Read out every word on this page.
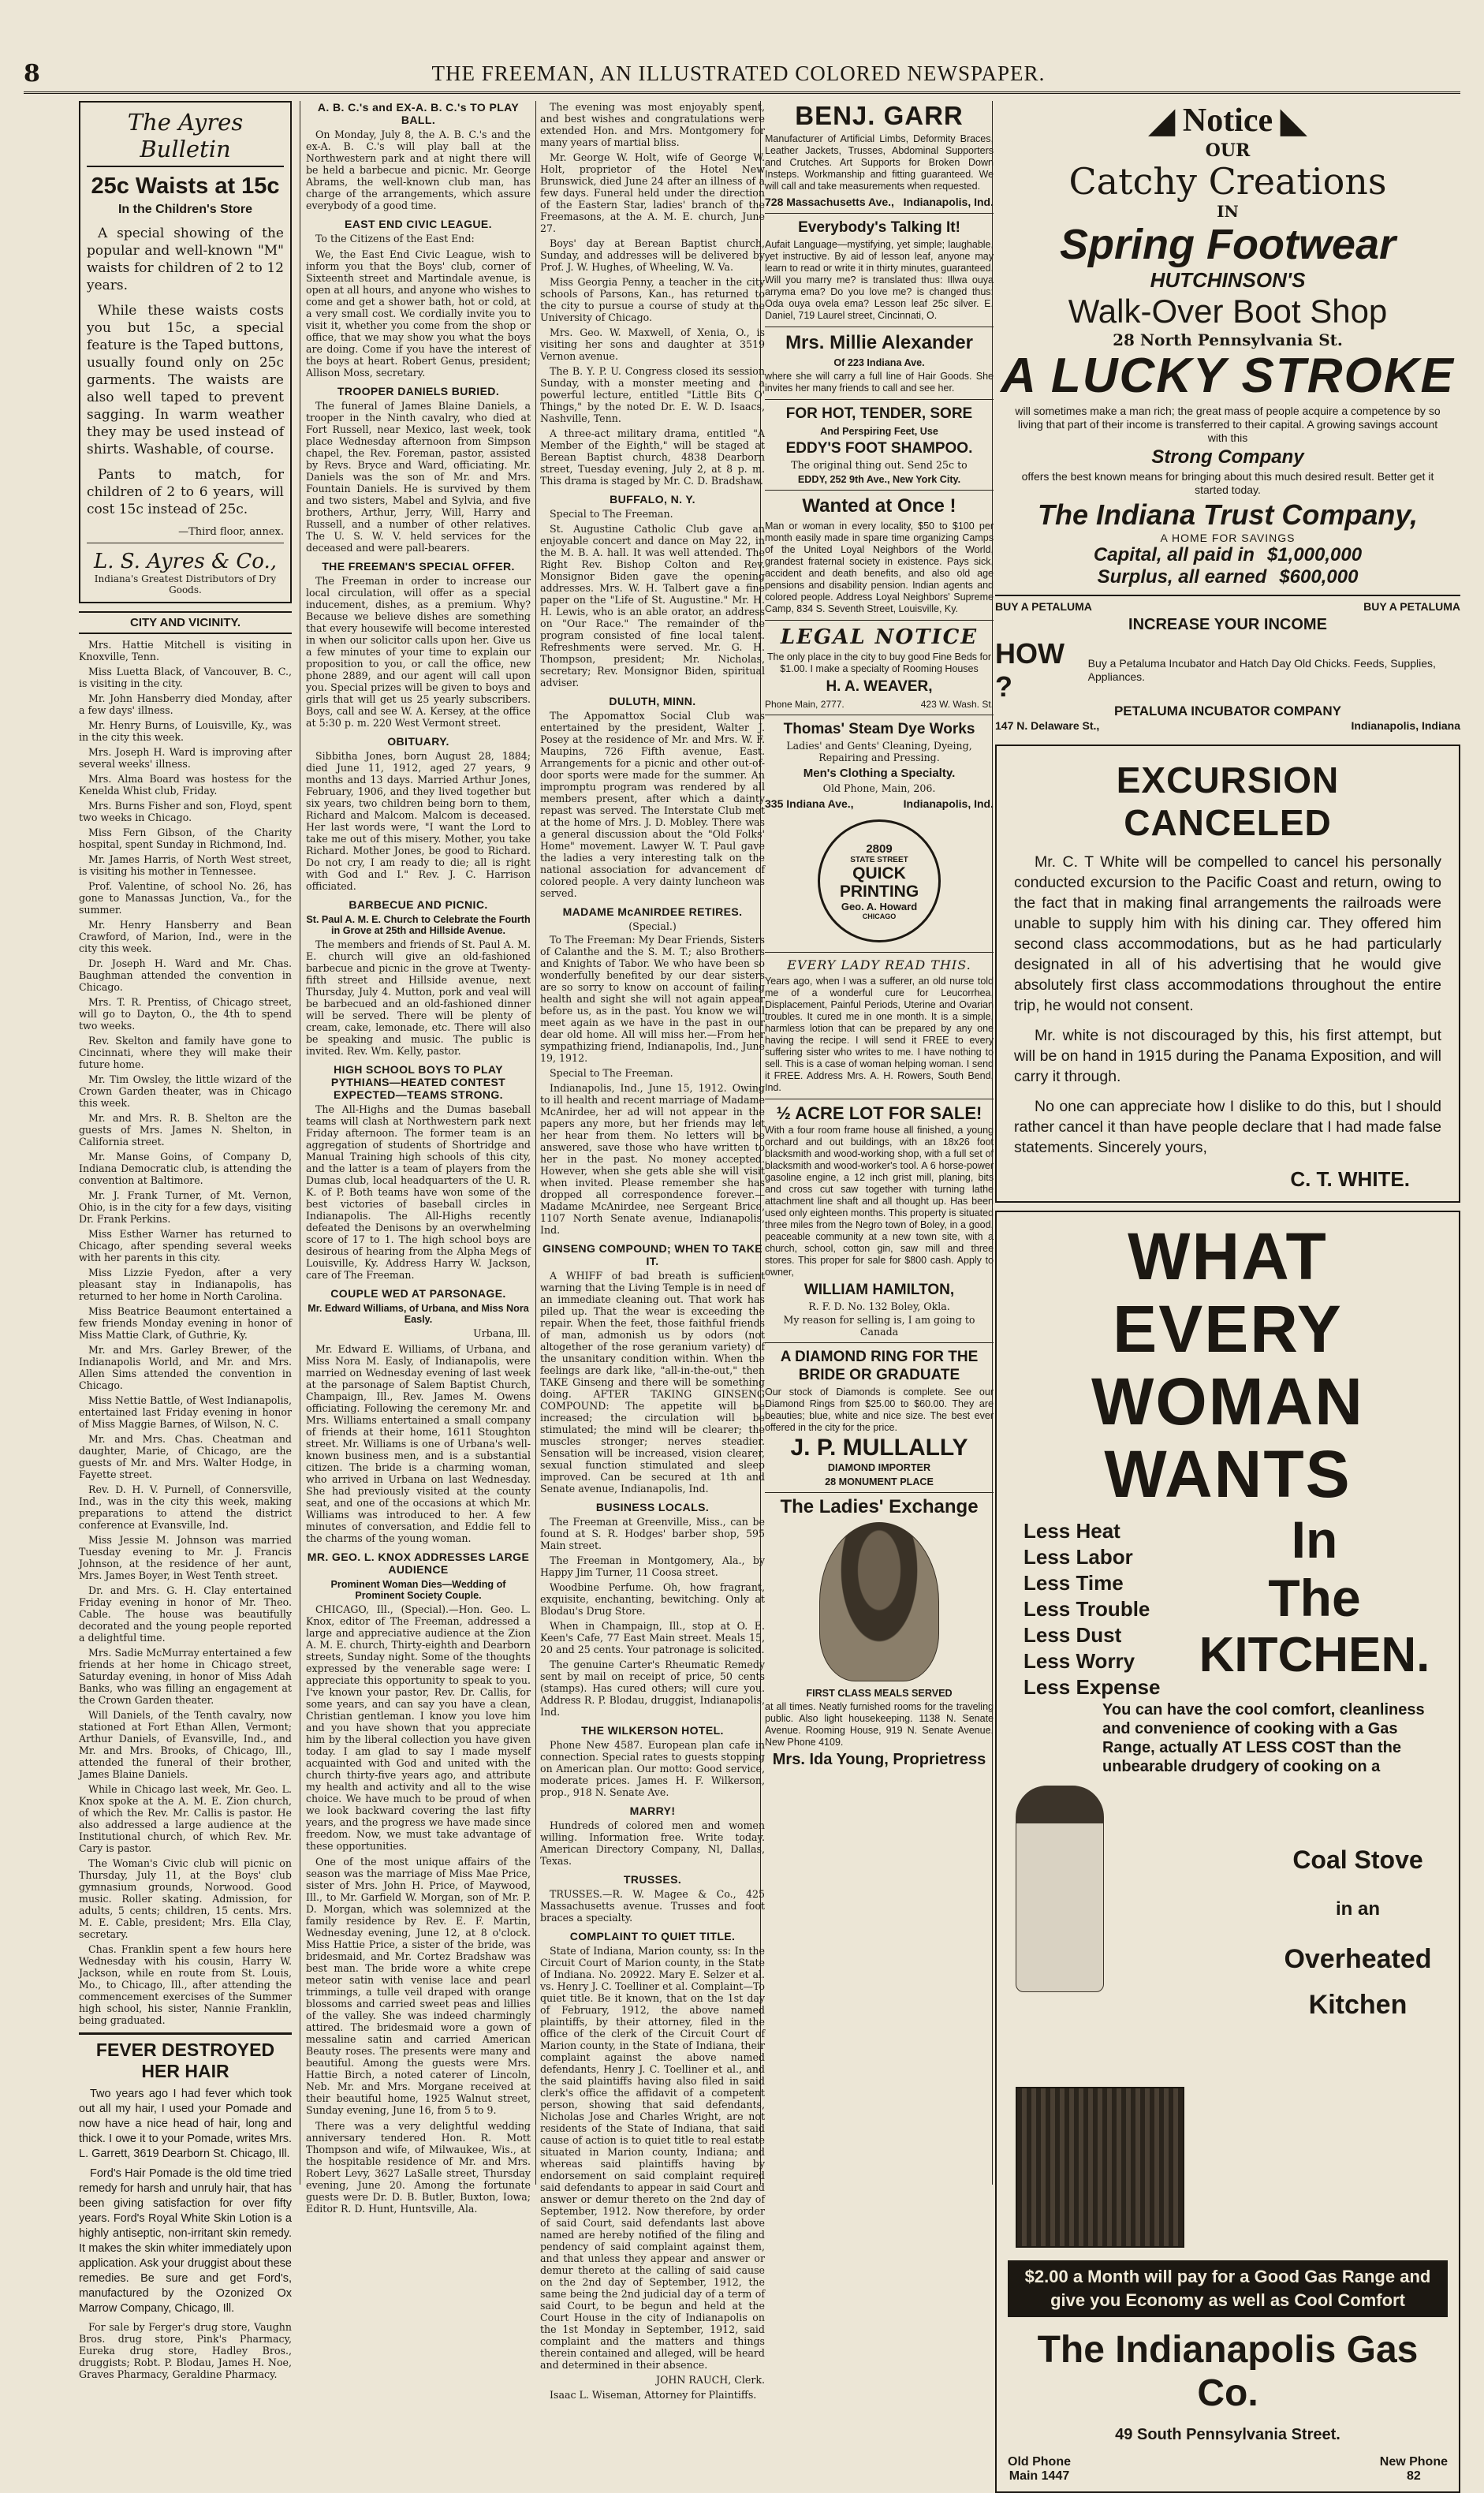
8	THE FREEMAN, AN ILLUSTRATED COLORED NEWSPAPER.
The Ayres Bulletin
25c Waists at 15c
In the Children's Store

A special showing of the popular and well-known "M" waists for children of 2 to 12 years.

While these waists costs you but 15c, a special feature is the Taped buttons, usually found only on 25c garments. The waists are also well taped to prevent sagging. In warm weather they may be used instead of shirts. Washable, of course.

Pants to match, for children of 2 to 6 years, will cost 15c instead of 25c.

—Third floor, annex.

L. S. Ayres & Co.,
Indiana's Greatest Distributors of Dry Goods.
CITY AND VICINITY.

Mrs. Hattie Mitchell is visiting in Knoxville, Tenn.

Miss Luetta Black, of Vancouver, B. C., is visiting in the city.

Mr. John Hansberry died Monday, after a few days' illness.

Mr. Henry Burns, of Louisville, Ky., was in the city this week.

Mrs. Joseph H. Ward is improving after several weeks' illness.

Mrs. Alma Board was hostess for the Kenelda Whist club, Friday.

Mrs. Burns Fisher and son, Floyd, spent two weeks in Chicago.

Miss Fern Gibson, of the Charity hospital, spent Sunday in Richmond, Ind.

Mr. James Harris, of North West street, is visiting his mother in Tennessee.

Prof. Valentine, of school No. 26, has gone to Manassas Junction, Va., for the summer.

Mr. Henry Hansberry and Bean Crawford, of Marion, Ind., were in the city this week.

Dr. Joseph H. Ward and Mr. Chas. Baughman attended the convention in Chicago.

Mrs. T. R. Prentiss, of Chicago street, will go to Dayton, O., the 4th to spend two weeks.

Rev. Skelton and family have gone to Cincinnati, where they will make their future home.

Mr. Tim Owsley, the little wizard of the Crown Garden theater, was in Chicago this week.

Mr. and Mrs. R. B. Shelton are the guests of Mrs. James N. Shelton, in California street.

Mr. Manse Goins, of Company D, Indiana Democratic club, is attending the convention at Baltimore.

Mr. J. Frank Turner, of Mt. Vernon, Ohio, is in the city for a few days, visiting Dr. Frank Perkins.

Miss Esther Warner has returned to Chicago, after spending several weeks with her parents in this city.

Miss Lizzie Fyedon, after a very pleasant stay in Indianapolis, has returned to her home in North Carolina.

Miss Beatrice Beaumont entertained a few friends Monday evening in honor of Miss Mattie Clark, of Guthrie, Ky.

Mr. and Mrs. Garley Brewer, of the Indianapolis World, and Mr. and Mrs. Allen Sims attended the convention in Chicago.

Miss Nettie Battle, of West Indianapolis, entertained last Friday evening in honor of Miss Maggie Barnes, of Wilson, N. C.

Mr. and Mrs. Chas. Cheatman and daughter, Marie, of Chicago, are the guests of Mr. and Mrs. Walter Hodge, in Fayette street.

Rev. D. H. V. Purnell, of Connersville, Ind., was in the city this week, making preparations to attend the district conference at Evansville, Ind.

Miss Jessie M. Johnson was married Tuesday evening to Mr. J. Francis Johnson, at the residence of her aunt, Mrs. James Boyer, in West Tenth street.

Dr. and Mrs. G. H. Clay entertained Friday evening in honor of Mr. Theo. Cable. The house was beautifully decorated and the young people reported a delightful time.

Mrs. Sadie McMurray entertained a few friends at her home in Chicago street, Saturday evening, in honor of Miss Adah Banks, who was filling an engagement at the Crown Garden theater.

Will Daniels, of the Tenth cavalry, now stationed at Fort Ethan Allen, Vermont; Arthur Daniels, of Evansville, Ind., and Mr. and Mrs. Brooks, of Chicago, Ill., attended the funeral of their brother, James Blaine Daniels.

While in Chicago last week, Mr. Geo. L. Knox spoke at the A. M. E. Zion church, of which the Rev. Mr. Callis is pastor. He also addressed a large audience at the Institutional church, of which Rev. Mr. Cary is pastor.

The Woman's Civic club will picnic on Thursday, July 11, at the Boys' club gymnasium grounds, Norwood. Good music. Roller skating. Admission, for adults, 5 cents; children, 15 cents. Mrs. M. E. Cable, president; Mrs. Ella Clay, secretary.

Chas. Franklin spent a few hours here Wednesday with his cousin, Harry W. Jackson, while en route from St. Louis, Mo., to Chicago, Ill., after attending the commencement exercises of the Summer high school, his sister, Nannie Franklin, being graduated.

FEVER DESTROYED HER HAIR

Two years ago I had fever which took out all my hair, I used your Pomade and now have a nice head of hair, long and thick. I owe it to your Pomade, writes Mrs. L. Garrett, 3619 Dearborn St. Chicago, Ill.

Ford's Hair Pomade is the old time tried remedy for harsh and unruly hair, that has been giving satisfaction for over fifty years. Ford's Royal White Skin Lotion is a highly antiseptic, non-irritant skin remedy. It makes the skin whiter immediately upon application. Ask your druggist about these remedies. Be sure and get Ford's, manufactured by the Ozonized Ox Marrow Company, Chicago, Ill.

For sale by Ferger's drug store, Vaughn Bros. drug store, Pink's Pharmacy, Eureka drug store, Hadley Bros., druggists; Robt. P. Blodau, James H. Noe, Graves Pharmacy, Geraldine Pharmacy.

A. B. C.'s and EX-A. B. C.'s TO PLAY BALL.

On Monday, July 8, the A. B. C.'s and the ex-A. B. C.'s will play ball at the Northwestern park and at night there will be held a barbecue and picnic. Mr. George Abrams, the well-known club man, has charge of the arrangements, which assure everybody of a good time.

EAST END CIVIC LEAGUE.

To the Citizens of the East End:

We, the East End Civic League, wish to inform you that the Boys' club, corner of Sixteenth street and Martindale avenue, is open at all hours, and anyone who wishes to come and get a shower bath, hot or cold, at a very small cost. We cordially invite you to visit it, whether you come from the shop or office, that we may show you what the boys are doing. Come if you have the interest of the boys at heart. Robert Genus, president; Allison Moss, secretary.

TROOPER DANIELS BURIED.

The funeral of James Blaine Daniels, a trooper in the Ninth cavalry, who died at Fort Russell, near Mexico, last week, took place Wednesday afternoon from Simpson chapel, the Rev. Foreman, pastor, assisted by Revs. Bryce and Ward, officiating. Mr. Daniels was the son of Mr. and Mrs. Fountain Daniels. He is survived by them and two sisters, Mabel and Sylvia, and five brothers, Arthur, Jerry, Will, Harry and Russell, and a number of other relatives. The U. S. W. V. held services for the deceased and were pall-bearers.

THE FREEMAN'S SPECIAL OFFER.

The Freeman in order to increase our local circulation, will offer as a special inducement, dishes, as a premium. Why? Because we believe dishes are something that every housewife will become interested in when our solicitor calls upon her. Give us a few minutes of your time to explain our proposition to you, or call the office, new phone 2889, and our agent will call upon you. Special prizes will be given to boys and girls that will get us 25 yearly subscribers. Boys, call and see W. A. Kersey, at the office at 5:30 p. m. 220 West Vermont street.

OBITUARY.

Sibbitha Jones, born August 28, 1884; died June 11, 1912, aged 27 years, 9 months and 13 days. Married Arthur Jones, February, 1906, and they lived together but six years, two children being born to them, Richard and Malcom. Malcom is deceased. Her last words were, "I want the Lord to take me out of this misery. Mother, you take Richard. Mother Jones, be good to Richard. Do not cry, I am ready to die; all is right with God and I." Rev. J. C. Harrison officiated.

BARBECUE AND PICNIC.
St. Paul A. M. E. Church to Celebrate the Fourth in Grove at 25th and Hillside Avenue.

The members and friends of St. Paul A. M. E. church will give an old-fashioned barbecue and picnic in the grove at Twenty-fifth street and Hillside avenue, next Thursday, July 4. Mutton, pork and veal will be barbecued and an old-fashioned dinner will be served. There will be plenty of cream, cake, lemonade, etc. There will also be speaking and music. The public is invited. Rev. Wm. Kelly, pastor.

HIGH SCHOOL BOYS TO PLAY PYTHIANS—HEATED CONTEST EXPECTED—TEAMS STRONG.

The All-Highs and the Dumas baseball teams will clash at Northwestern park next Friday afternoon. The former team is an aggregation of students of Shortridge and Manual Training high schools of this city, and the latter is a team of players from the Dumas club, local headquarters of the U. R. K. of P. Both teams have won some of the best victories of baseball circles in Indianapolis. The All-Highs recently defeated the Denisons by an overwhelming score of 17 to 1. The high school boys are desirous of hearing from the Alpha Megs of Louisville, Ky. Address Harry W. Jackson, care of The Freeman.

COUPLE WED AT PARSONAGE.
Mr. Edward Williams, of Urbana, and Miss Nora Easly.

Urbana, Ill.

Mr. Edward E. Williams, of Urbana, and Miss Nora M. Easly, of Indianapolis, were married on Wednesday evening of last week at the parsonage of Salem Baptist Church, Champaign, Ill., Rev. James M. Owens officiating. Following the ceremony Mr. and Mrs. Williams entertained a small company of friends at their home, 1611 Stoughton street. Mr. Williams is one of Urbana's well-known business men, and is a substantial citizen. The bride is a charming woman, who arrived in Urbana on last Wednesday. She had previously visited at the county seat, and one of the occasions at which Mr. Williams was introduced to her. A few minutes of conversation, and Eddie fell to the charms of the young woman.

MR. GEO. L. KNOX ADDRESSES LARGE AUDIENCE
Prominent Woman Dies—Wedding of Prominent Society Couple.

CHICAGO, Ill., (Special).—Hon. Geo. L. Knox, editor of The Freeman, addressed a large and appreciative audience at the Zion A. M. E. church, Thirty-eighth and Dearborn streets, Sunday night. Some of the thoughts expressed by the venerable sage were: I appreciate this opportunity to speak to you. I've known your pastor, Rev. Dr. Callis, for some years, and can say you have a clean, Christian gentleman. I know you love him and you have shown that you appreciate him by the liberal collection you have given today. I am glad to say I made myself acquainted with God and united with the church thirty-five years ago, and attribute my health and activity and all to the wise choice. We have much to be proud of when we look backward covering the last fifty years, and the progress we have made since freedom. Now, we must take advantage of these opportunities.

One of the most unique affairs of the season was the marriage of Miss Mae Price, sister of Mrs. John H. Price, of Maywood, Ill., to Mr. Garfield W. Morgan, son of Mr. P. D. Morgan, which was solemnized at the family residence by Rev. E. F. Martin, Wednesday evening, June 12, at 8 o'clock. Miss Hattie Price, a sister of the bride, was bridesmaid, and Mr. Cortez Bradshaw was best man. The bride wore a white crepe meteor satin with venise lace and pearl trimmings, a tulle veil draped with orange blossoms and carried sweet peas and lillies of the valley. She was indeed charmingly attired. The bridesmaid wore a gown of messaline satin and carried American Beauty roses. The presents were many and beautiful. Among the guests were Mrs. Hattie Birch, a noted caterer of Lincoln, Neb. Mr. and Mrs. Morgane received at their beautiful home, 1925 Walnut street, Sunday evening, June 16, from 5 to 9.

There was a very delightful wedding anniversary tendered Hon. R. Mott Thompson and wife, of Milwaukee, Wis., at the hospitable residence of Mr. and Mrs. Robert Levy, 3627 LaSalle street, Thursday evening, June 20. Among the fortunate guests were Dr. D. B. Butler, Buxton, Iowa; Editor R. D. Hunt, Huntsville, Ala.

The evening was most enjoyably spent, and best wishes and congratulations were extended Hon. and Mrs. Montgomery for many years of martial bliss.

Mr. George W. Holt, wife of George W. Holt, proprietor of the Hotel New Brunswick, died June 24 after an illness of a few days. Funeral held under the direction of the Eastern Star, ladies' branch of the Freemasons, at the A. M. E. church, June 27.

Boys' day at Berean Baptist church, Sunday, and addresses will be delivered by Prof. J. W. Hughes, of Wheeling, W. Va.

Miss Georgia Penny, a teacher in the city schools of Parsons, Kan., has returned to the city to pursue a course of study at the University of Chicago.

Mrs. Geo. W. Maxwell, of Xenia, O., is visiting her sons and daughter at 3519 Vernon avenue.

The B. Y. P. U. Congress closed its session Sunday, with a monster meeting and a powerful lecture, entitled "Little Bits O' Things," by the noted Dr. E. W. D. Isaacs, Nashville, Tenn.

A three-act military drama, entitled "A Member of the Eighth," will be staged at Berean Baptist church, 4838 Dearborn street, Tuesday evening, July 2, at 8 p. m. This drama is staged by Mr. C. D. Bradshaw.

BUFFALO, N. Y.

Special to The Freeman.

St. Augustine Catholic Club gave an enjoyable concert and dance on May 22, in the M. B. A. hall. It was well attended. The Right Rev. Bishop Colton and Rev. Monsignor Biden gave the opening addresses. Mrs. W. H. Talbert gave a fine paper on the "Life of St. Augustine." Mr. H. H. Lewis, who is an able orator, an address on "Our Race." The remainder of the program consisted of fine local talent. Refreshments were served. Mr. G. H. Thompson, president; Mr. Nicholas, secretary; Rev. Monsignor Biden, spiritual adviser.

DULUTH, MINN.

The Appomattox Social Club was entertained by the president, Walter J. Posey at the residence of Mr. and Mrs. W. F. Maupins, 726 Fifth avenue, East. Arrangements for a picnic and other out-of-door sports were made for the summer. An impromptu program was rendered by all members present, after which a dainty repast was served. The Interstate Club met at the home of Mrs. J. D. Mobley. There was a general discussion about the "Old Folks' Home" movement. Lawyer W. T. Paul gave the ladies a very interesting talk on the national association for advancement of colored people. A very dainty luncheon was served.

MADAME McANIRDEE RETIRES.

(Special.)

To The Freeman: My Dear Friends, Sisters of Calanthe and the S. M. T.; also Brothers and Knights of Tabor. We who have been so wonderfully benefited by our dear sisters are so sorry to know on account of failing health and sight she will not again appear before us, as in the past. You know we will meet again as we have in the past in our dear old home. All will miss her.—From her sympathizing friend, Indianapolis, Ind., June 19, 1912.

Special to The Freeman.

Indianapolis, Ind., June 15, 1912. Owing to ill health and recent marriage of Madame McAnirdee, her ad will not appear in the papers any more, but her friends may let her hear from them. No letters will be answered, save those who have written to her in the past. No money accepted. However, when she gets able she will visit when invited. Please remember she has dropped all correspondence forever.—Madame McAnirdee, nee Sergeant Brice, 1107 North Senate avenue, Indianapolis, Ind.

GINSENG COMPOUND; WHEN TO TAKE IT.

A WHIFF of bad breath is sufficient warning that the Living Temple is in need of an immediate cleaning out. That work has piled up. That the wear is exceeding the repair. When the feet, those faithful friends of man, admonish us by odors (not altogether of the rose geranium variety) of the unsanitary condition within. When the feelings are dark like, "all-in-the-out," then TAKE Ginseng and there will be something doing. AFTER TAKING GINSENG COMPOUND: The appetite will be increased; the circulation will be stimulated; the mind will be clearer; the muscles stronger; nerves steadier. Sensation will be increased, vision clearer, sexual function stimulated and sleep improved. Can be secured at 1th and Senate avenue, Indianapolis, Ind.

BUSINESS LOCALS.

The Freeman at Greenville, Miss., can be found at S. R. Hodges' barber shop, 595 Main street.

The Freeman in Montgomery, Ala., by Happy Jim Turner, 11 Coosa street.

Woodbine Perfume. Oh, how fragrant, exquisite, enchanting, bewitching. Only at Blodau's Drug Store.

When in Champaign, Ill., stop at O. E. Keen's Cafe, 77 East Main street. Meals 15, 20 and 25 cents. Your patronage is solicited.

The genuine Carter's Rheumatic Remedy sent by mail on receipt of price, 50 cents (stamps). Has cured others; will cure you. Address R. P. Blodau, druggist, Indianapolis, Ind.

THE WILKERSON HOTEL.

Phone New 4587. European plan cafe in connection. Special rates to guests stopping on American plan. Our motto: Good service, moderate prices. James H. F. Wilkerson, prop., 918 N. Senate Ave.

MARRY!

Hundreds of colored men and women willing. Information free. Write today. American Directory Company, Nl, Dallas, Texas.

TRUSSES.

TRUSSES.—R. W. Magee & Co., 425 Massachusetts avenue. Trusses and foot braces a specialty.

COMPLAINT TO QUIET TITLE.

State of Indiana, Marion county, ss: In the Circuit Court of Marion county, in the State of Indiana. No. 20922. Mary E. Selzer et al. vs. Henry J. C. Toelliner et al. Complaint—To quiet title. Be it known, that on the 1st day of February, 1912, the above named plaintiffs, by their attorney, filed in the office of the clerk of the Circuit Court of Marion county, in the State of Indiana, their complaint against the above named defendants, Henry J. C. Toelliner et al., and the said plaintiffs having also filed in said clerk's office the affidavit of a competent person, showing that said defendants, Nicholas Jose and Charles Wright, are not residents of the State of Indiana, that said cause of action is to quiet title to real estate situated in Marion county, Indiana; and whereas said plaintiffs having by endorsement on said complaint required said defendants to appear in said Court and answer or demur thereto on the 2nd day of September, 1912. Now therefore, by order of said Court, said defendants last above named are hereby notified of the filing and pendency of said complaint against them, and that unless they appear and answer or demur thereto at the calling of said cause on the 2nd day of September, 1912, the same being the 2nd judicial day of a term of said Court, to be begun and held at the Court House in the city of Indianapolis on the 1st Monday in September, 1912, said complaint and the matters and things therein contained and alleged, will be heard and determined in their absence.

JOHN RAUCH, Clerk.

Isaac L. Wiseman, Attorney for Plaintiffs.

BENJ. GARR

Manufacturer of Artificial Limbs, Deformity Braces, Leather Jackets, Trusses, Abdominal Supporters and Crutches. Art Supports for Broken Down Insteps. Workmanship and fitting guaranteed. We will call and take measurements when requested.

728 Massachusetts Ave., Indianapolis, Ind.
Everybody's Talking It!

Aufait Language—mystifying, yet simple; laughable, yet instructive. By aid of lesson leaf, anyone may learn to read or write it in thirty minutes, guaranteed. Will you marry me? is translated thus: Illwa ouya arryma ema? Do you love me? is changed thus: Oda ouya ovela ema? Lesson leaf 25c silver. E. Daniel, 719 Laurel street, Cincinnati, O.

Mrs. Millie Alexander
Of 223 Indiana Ave.

where she will carry a full line of Hair Goods. She invites her many friends to call and see her.

FOR HOT, TENDER, SORE
And Perspiring Feet, Use
EDDY'S FOOT SHAMPOO.
The original thing out. Send 25c to
EDDY, 252 9th Ave., New York City.
Wanted at Once !

Man or woman in every locality, $50 to $100 per month easily made in spare time organizing Camps of the United Loyal Neighbors of the World, grandest fraternal society in existence. Pays sick, accident and death benefits, and also old age pensions and disability pension. Indian agents and colored people. Address Loyal Neighbors' Supreme Camp, 834 S. Seventh Street, Louisville, Ky.

LEGAL NOTICE

The only place in the city to buy good Fine Beds for $1.00. I make a specialty of Rooming Houses

H. A. WEAVER,
Phone Main, 2777.	423 W. Wash. St.
Thomas' Steam Dye Works
Ladies' and Gents' Cleaning, Dyeing, Repairing and Pressing.
Men's Clothing a Specialty.
Old Phone, Main, 206.
335 Indiana Ave.,	Indianapolis, Ind.
2809
STATE STREET
QUICK
PRINTING
Geo. A. Howard
CHICAGO
EVERY LADY READ THIS.

Years ago, when I was a sufferer, an old nurse told me of a wonderful cure for Leucorrhea, Displacement, Painful Periods, Uterine and Ovarian troubles. It cured me in one month. It is a simple, harmless lotion that can be prepared by any one having the recipe. I will send it FREE to every suffering sister who writes to me. I have nothing to sell. This is a case of woman helping woman. I send it FREE. Address Mrs. A. H. Rowers, South Bend, Ind.

½ ACRE LOT FOR SALE!

With a four room frame house all finished, a young orchard and out buildings, with an 18x26 foot blacksmith and wood-working shop, with a full set of blacksmith and wood-worker's tool. A 6 horse-power gasoline engine, a 12 inch grist mill, planing, bits and cross cut saw together with turning lathe attachment line shaft and all thought up. Has been used only eighteen months. This property is situated three miles from the Negro town of Boley, in a good, peaceable community at a new town site, with a church, school, cotton gin, saw mill and three stores. This proper for sale for $800 cash. Apply to owner,

WILLIAM HAMILTON,
R. F. D. No. 132 Boley, Okla.
My reason for selling is, I am going to Canada
A DIAMOND RING FOR THE BRIDE OR GRADUATE

Our stock of Diamonds is complete. See our Diamond Rings from $25.00 to $60.00. They are beauties; blue, white and nice size. The best ever offered in the city for the price.

J. P. MULLALLY
DIAMOND IMPORTER
28 MONUMENT PLACE
The Ladies' Exchange
FIRST CLASS MEALS SERVED

at all times. Neatly furnished rooms for the traveling public. Also light housekeeping. 1138 N. Senate Avenue. Rooming House, 919 N. Senate Avenue. New Phone 4109.

Mrs. Ida Young, Proprietress
◢ Notice ◣
OUR
Catchy Creations
IN
Spring Footwear
HUTCHINSON'S
Walk-Over Boot Shop
28 North Pennsylvania St.
A LUCKY STROKE

will sometimes make a man rich; the great mass of people acquire a competence by so living that part of their income is transferred to their capital. A growing savings account with this

Strong Company

offers the best known means for bringing about this much desired result. Better get it started today.

The Indiana Trust Company,
A HOME FOR SAVINGS
Capital, all paid in $1,000,000
Surplus, all earned $600,000
BUY A PETALUMA	BUY A PETALUMA
INCREASE YOUR INCOME
HOW ?
Buy a Petaluma Incubator and Hatch Day Old Chicks. Feeds, Supplies, Appliances.
PETALUMA INCUBATOR COMPANY
147 N. Delaware St.,	Indianapolis, Indiana
EXCURSION CANCELED

Mr. C. T White will be compelled to cancel his personally conducted excursion to the Pacific Coast and return, owing to the fact that in making final arrangements the railroads were unable to supply him with his dining car. They offered him second class accommodations, but as he had particularly designated in all of his advertising that he would give absolutely first class accommodations throughout the entire trip, he would not consent.

Mr. white is not discouraged by this, his first attempt, but will be on hand in 1915 during the Panama Exposition, and will carry it through.

No one can appreciate how I dislike to do this, but I should rather cancel it than have people declare that I had made false statements. Sincerely yours,

C. T. WHITE.
WHAT EVERY
WOMAN WANTS
Less Heat
Less Labor
Less Time
Less Trouble
Less Dust
Less Worry
Less Expense
In
The
KITCHEN.
You can have the cool comfort, cleanliness and convenience of cooking with a Gas Range, actually AT LESS COST than the unbearable drudgery of cooking on a
Coal Stove
in an
Overheated
Kitchen
$2.00 a Month will pay for a Good Gas Range and give you Economy as well as Cool Comfort
The Indianapolis Gas Co.
49 South Pennsylvania Street.
Old Phone
Main 1447
New Phone
82
